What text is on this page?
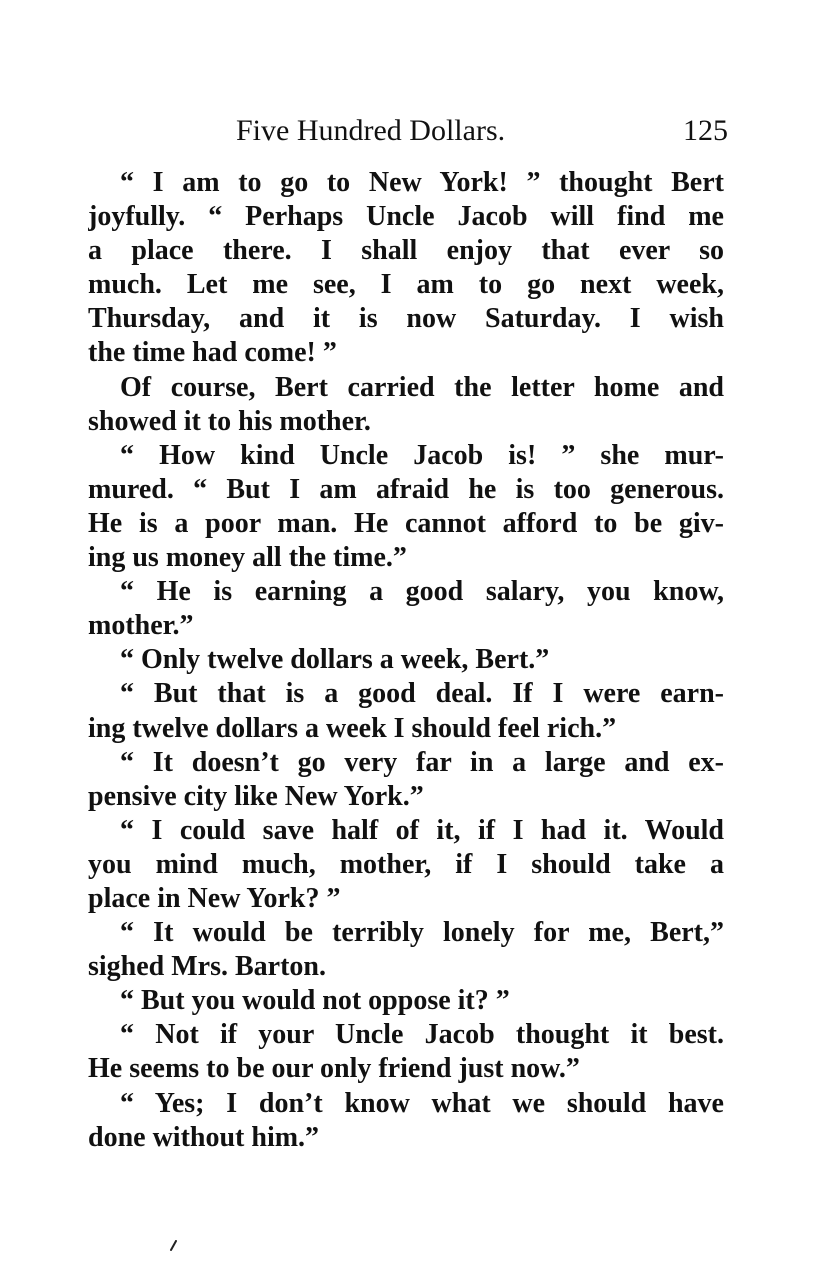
Five Hundred Dollars.	125

“ I am to go to New York! ” thought Bert
joyfully. “ Perhaps Uncle Jacob will find me
a place there. I shall enjoy that ever so
much. Let me see, I am to go next week,
Thursday, and it is now Saturday. I wish
the time had come! ”

Of course, Bert carried the letter home and
showed it to his mother.

“ How kind Uncle Jacob is! ” she mur-
mured. “ But I am afraid he is too generous.
He is a poor man. He cannot afford to be giv-
ing us money all the time.”

“ He is earning a good salary, you know,
mother.”

“ Only twelve dollars a week, Bert.”

“ But that is a good deal. If I were earn-
ing twelve dollars a week I should feel rich.”

“ It doesn’t go very far in a large and ex-
pensive city like New York.”

“ I could save half of it, if I had it. Would
you mind much, mother, if I should take a
place in New York? ”

“ It would be terribly lonely for me, Bert,”
sighed Mrs. Barton.

“ But you would not oppose it? ”

“ Not if your Uncle Jacob thought it best.
He seems to be our only friend just now.”

“ Yes; I don’t know what we should have
done without him.”
